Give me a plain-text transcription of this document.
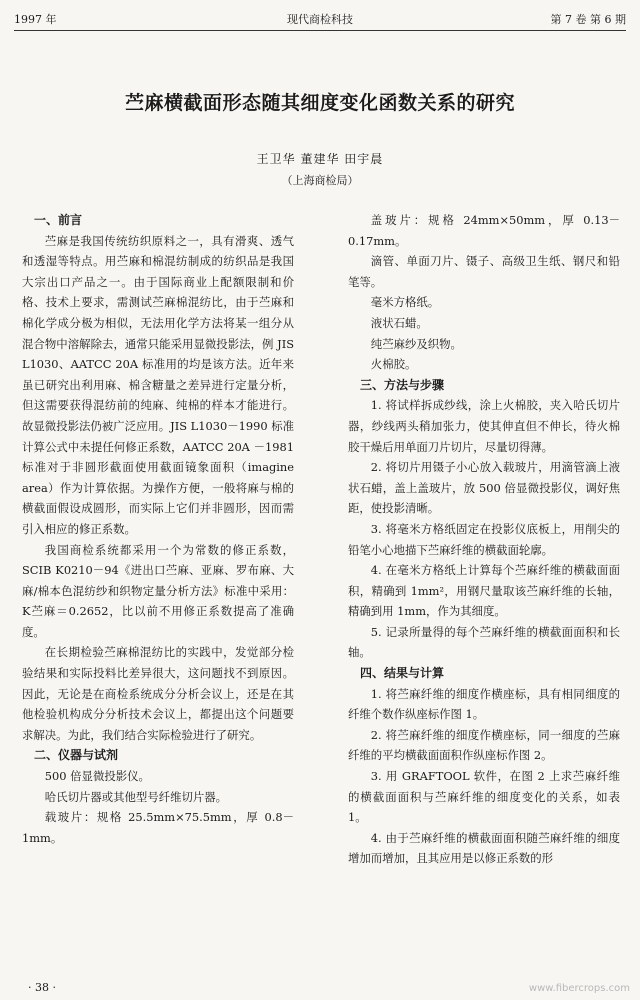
1997 年	现代商检科技	第 7 卷 第 6 期
苎麻横截面形态随其细度变化函数关系的研究
王卫华 董建华 田宇晨
（上海商检局）
一、前言

苎麻是我国传统纺织原料之一，具有滑爽、透气和透湿等特点。用苎麻和棉混纺制成的纺织品是我国大宗出口产品之一。由于国际商业上配额限制和价格、技术上要求，需测试苎麻棉混纺比，由于苎麻和棉化学成分极为相似，无法用化学方法将某一组分从混合物中溶解除去，通常只能采用显微投影法，例 JIS L1030、AATCC 20A 标准用的均是该方法。近年来虽已研究出利用麻、棉含糖量之差异进行定量分析，但这需要获得混纺前的纯麻、纯棉的样本才能进行。故显微投影法仍被广泛应用。JIS L1030－1990 标准计算公式中未提任何修正系数，AATCC 20A －1981 标准对于非圆形截面使用截面镜象面积（imagine area）作为计算依据。为操作方便，一般将麻与棉的横截面假设成圆形，而实际上它们并非圆形，因而需引入相应的修正系数。

我国商检系统都采用一个为常数的修正系数，SCIB K0210－94《进出口苎麻、亚麻、罗布麻、大麻/棉本色混纺纱和织物定量分析方法》标准中采用：K苎麻＝0.2652，比以前不用修正系数提高了准确度。

在长期检验苎麻棉混纺比的实践中，发觉部分检验结果和实际投料比差异很大，这问题找不到原因。因此，无论是在商检系统成分分析会议上，还是在其他检验机构成分分析技术会议上，都提出这个问题要求解决。为此，我们结合实际检验进行了研究。

二、仪器与试剂

500 倍显微投影仪。

哈氏切片器或其他型号纤维切片器。

载玻片：规格 25.5mm×75.5mm，厚 0.8－1mm。

盖玻片：规格 24mm×50mm，厚 0.13－0.17mm。

滴管、单面刀片、镊子、高级卫生纸、钢尺和铅笔等。

毫米方格纸。

液状石蜡。

纯苎麻纱及织物。

火棉胶。

三、方法与步骤

1. 将试样拆成纱线，涂上火棉胶，夹入哈氏切片器，纱线两头稍加张力，使其伸直但不伸长，待火棉胶干燥后用单面刀片切片，尽量切得薄。

2. 将切片用镊子小心放入载玻片，用滴管滴上液状石蜡，盖上盖玻片，放 500 倍显微投影仪，调好焦距，使投影清晰。

3. 将毫米方格纸固定在投影仪底板上，用削尖的铅笔小心地描下苎麻纤维的横截面轮廓。

4. 在毫米方格纸上计算每个苎麻纤维的横截面面积，精确到 1mm²，用钢尺量取该苎麻纤维的长轴，精确到用 1mm，作为其细度。

5. 记录所量得的每个苎麻纤维的横截面面积和长轴。

四、结果与计算

1. 将苎麻纤维的细度作横座标，具有相同细度的纤维个数作纵座标作图 1。

2. 将苎麻纤维的细度作横座标，同一细度的苎麻纤维的平均横截面面积作纵座标作图 2。

3. 用 GRAFTOOL 软件，在图 2 上求苎麻纤维的横截面面积与苎麻纤维的细度变化的关系，如表 1。

4. 由于苎麻纤维的横截面面积随苎麻纤维的细度增加而增加，且其应用是以修正系数的形

· 38 ·	www.fibercrops.com
